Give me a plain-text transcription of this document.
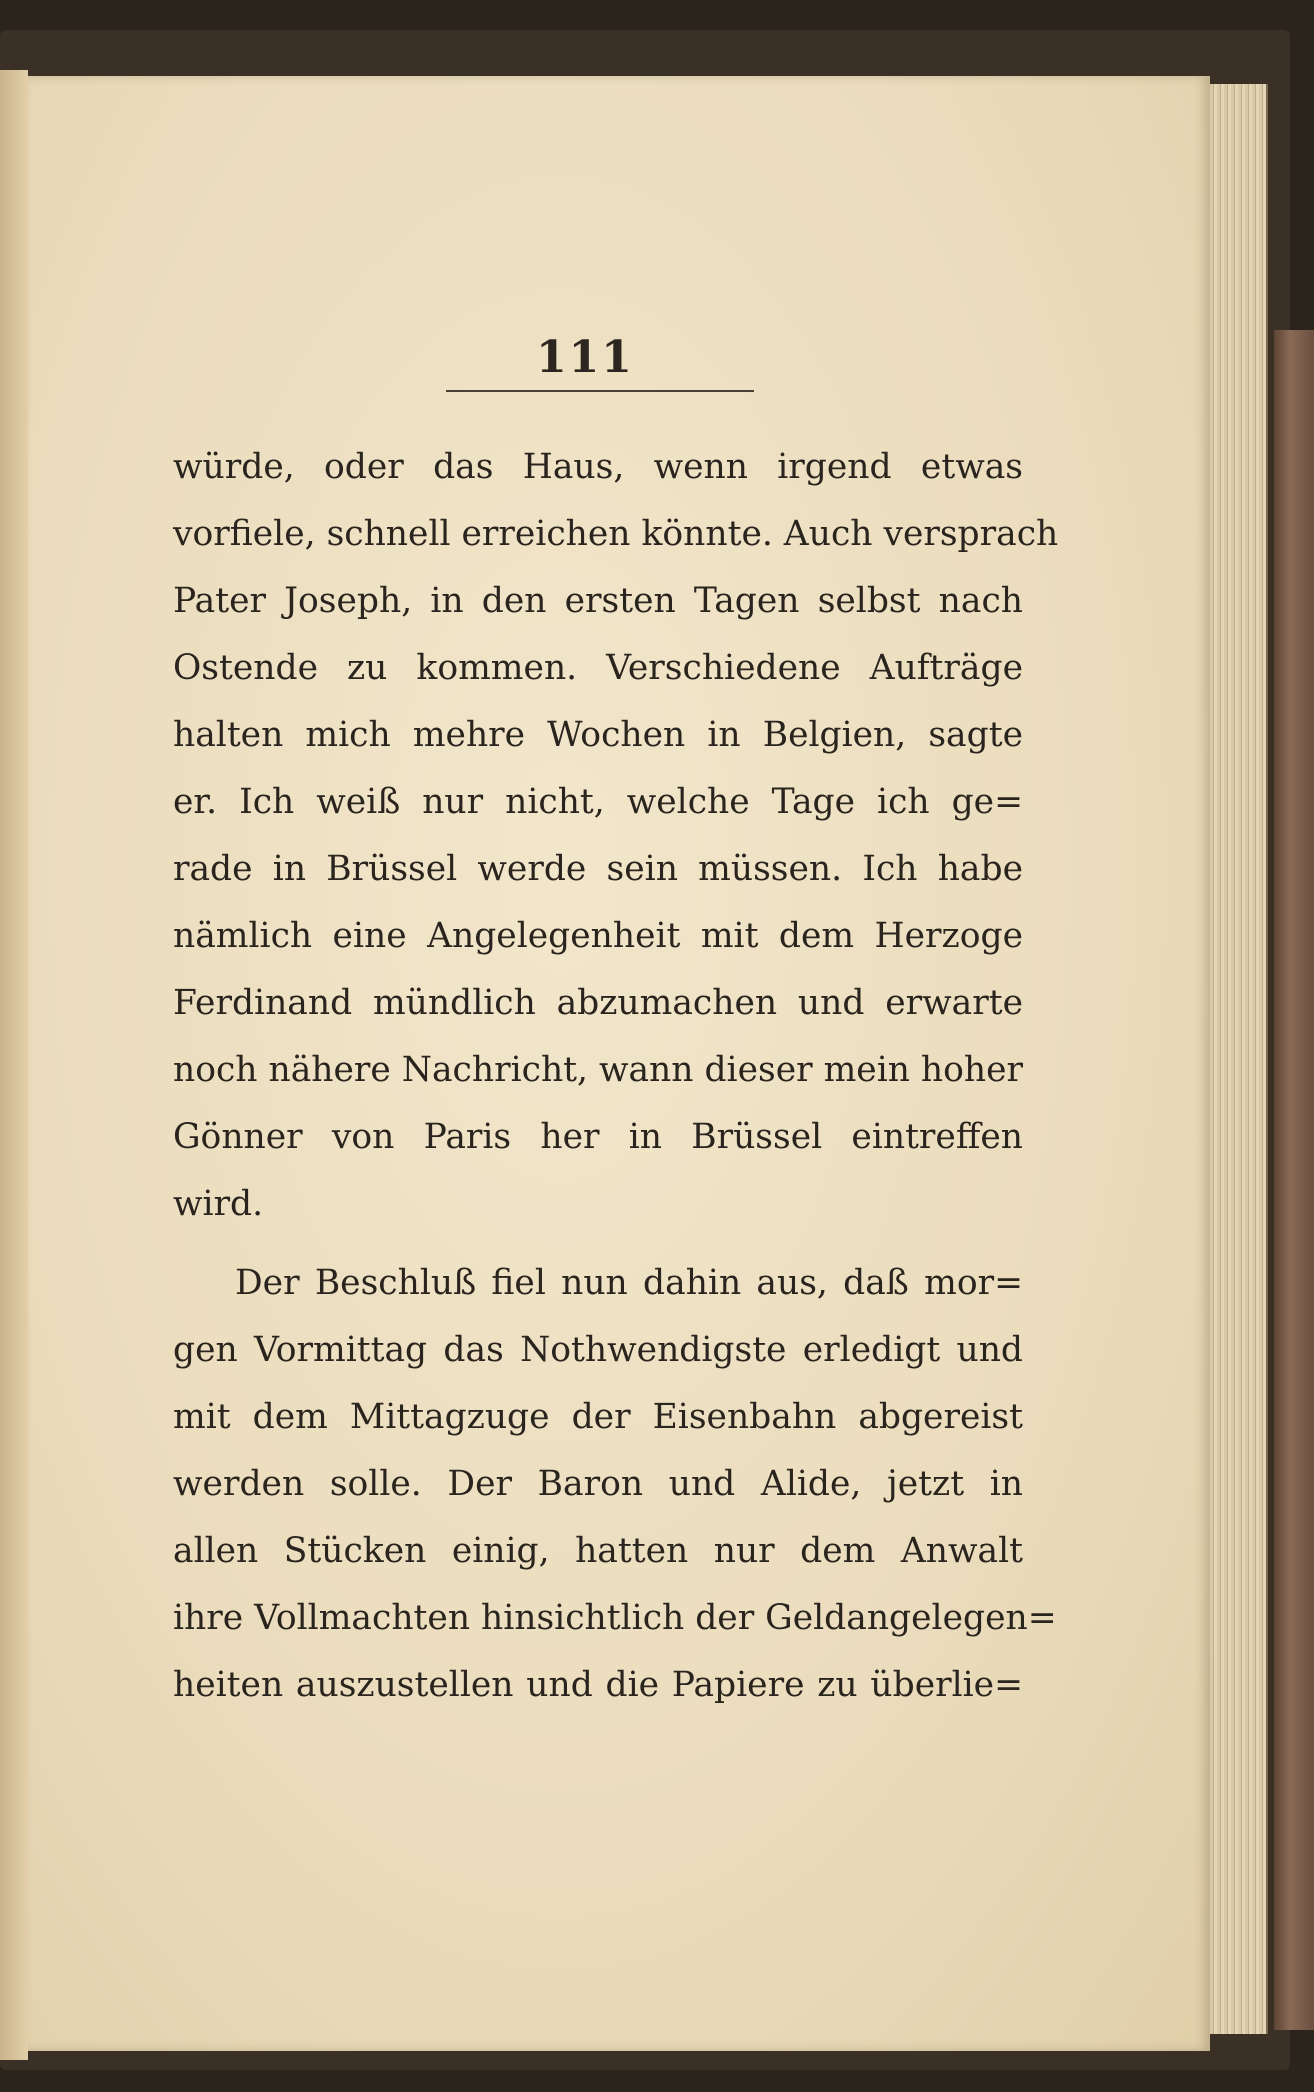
111
würde, oder das Haus, wenn irgend etwas
vorfiele, schnell erreichen könnte. Auch versprach
Pater Joseph, in den ersten Tagen selbst nach
Ostende zu kommen. Verschiedene Aufträge
halten mich mehre Wochen in Belgien, sagte
er. Ich weiß nur nicht, welche Tage ich ge=
rade in Brüssel werde sein müssen. Ich habe
nämlich eine Angelegenheit mit dem Herzoge
Ferdinand mündlich abzumachen und erwarte
noch nähere Nachricht, wann dieser mein hoher
Gönner von Paris her in Brüssel eintreffen
wird.
Der Beschluß fiel nun dahin aus, daß mor=
gen Vormittag das Nothwendigste erledigt und
mit dem Mittagzuge der Eisenbahn abgereist
werden solle. Der Baron und Alide, jetzt in
allen Stücken einig, hatten nur dem Anwalt
ihre Vollmachten hinsichtlich der Geldangelegen=
heiten auszustellen und die Papiere zu überlie=
